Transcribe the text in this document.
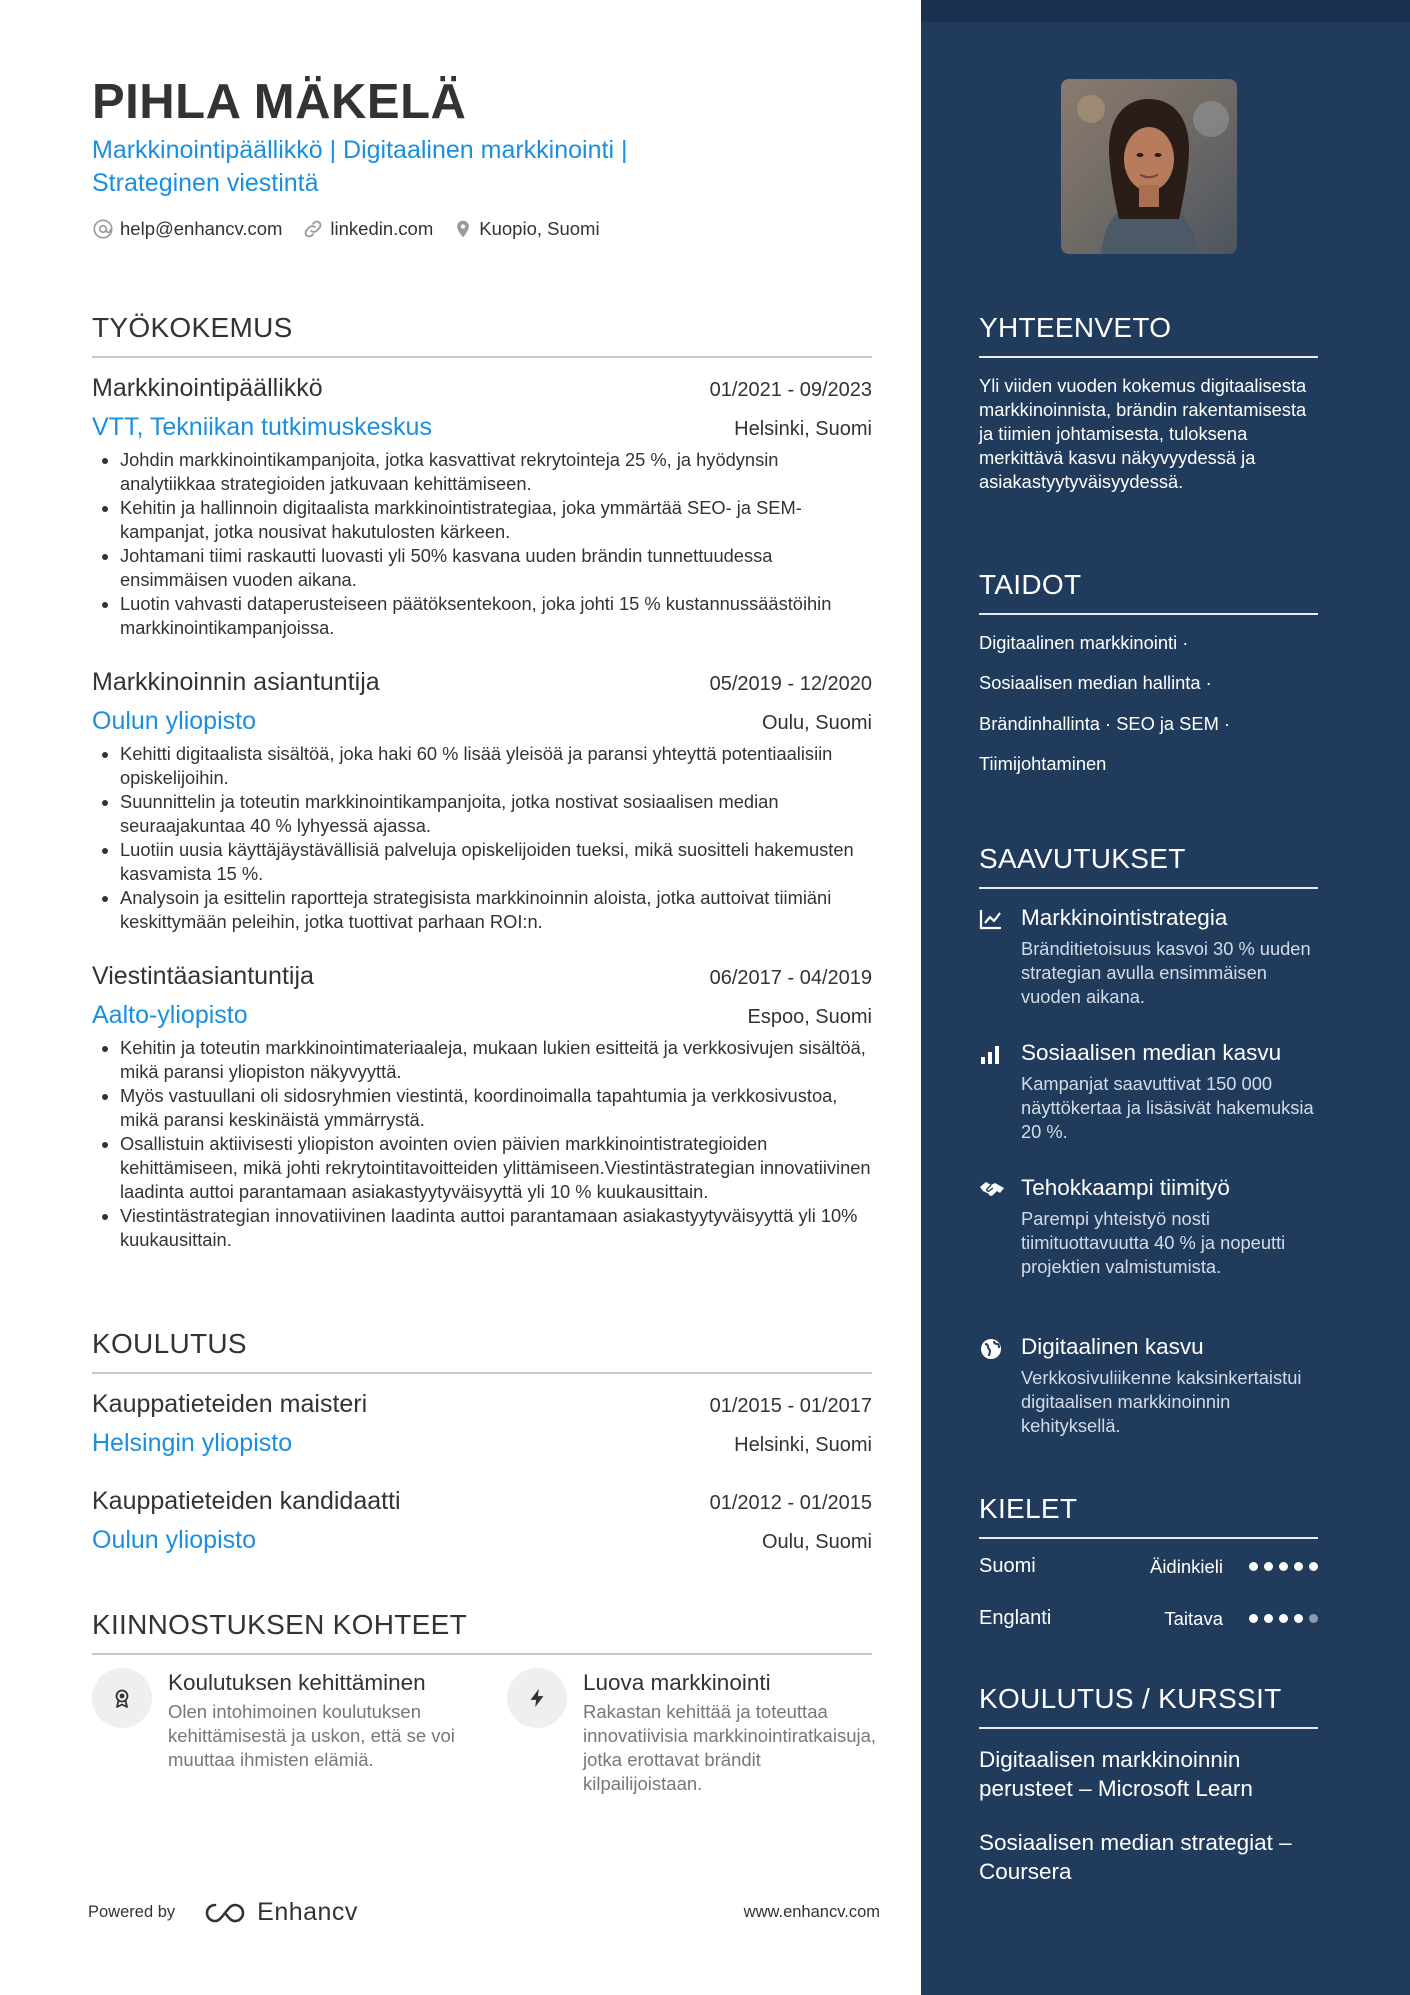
PIHLA MÄKELÄ
Markkinointipäällikkö | Digitaalinen markkinointi | Strateginen viestintä
help@enhancv.com	linkedin.com Kuopio, Suomi
TYÖKOKEMUS
Markkinointipäällikkö	01/2021 - 09/2023
VTT, Tekniikan tutkimuskeskus	Helsinki, Suomi
• Johdin markkinointikampanjoita, jotka kasvattivat rekrytointeja 25 %, ja hyödynsin analytiikkaa strategioiden jatkuvaan kehittämiseen.
• Kehitin ja hallinnoin digitaalista markkinointistrategiaa, joka ymmärtää SEO- ja SEM-kampanjat, jotka nousivat hakutulosten kärkeen.
• Johtamani tiimi raskautti luovasti yli 50% kasvana uuden brändin tunnettuudessa ensimmäisen vuoden aikana.
• Luotin vahvasti dataperusteiseen päätöksentekoon, joka johti 15 % kustannussäästöihin markkinointikampanjoissa.
Markkinoinnin asiantuntija	05/2019 - 12/2020
Oulun yliopisto	Oulu, Suomi
• Kehitti digitaalista sisältöä, joka haki 60 % lisää yleisöä ja paransi yhteyttä potentiaalisiin opiskelijoihin.
• Suunnittelin ja toteutin markkinointikampanjoita, jotka nostivat sosiaalisen median seuraajakuntaa 40 % lyhyessä ajassa.
• Luotiin uusia käyttäjäystävällisiä palveluja opiskelijoiden tueksi, mikä suositteli hakemusten kasvamista 15 %.
• Analysoin ja esittelin raportteja strategisista markkinoinnin aloista, jotka auttoivat tiimiäni keskittymään peleihin, jotka tuottivat parhaan ROI:n.
Viestintäasiantuntija	06/2017 - 04/2019
Aalto-yliopisto	Espoo, Suomi
• Kehitin ja toteutin markkinointimateriaaleja, mukaan lukien esitteitä ja verkkosivujen sisältöä, mikä paransi yliopiston näkyvyyttä.
• Myös vastuullani oli sidosryhmien viestintä, koordinoimalla tapahtumia ja verkkosivustoa, mikä paransi keskinäistä ymmärrystä.
• Osallistuin aktiivisesti yliopiston avointen ovien päivien markkinointistrategioiden kehittämiseen, mikä johti rekrytointitavoitteiden ylittämiseen.Viestintästrategian innovatiivinen laadinta auttoi parantamaan asiakastyytyväisyyttä yli 10 % kuukausittain.
• Viestintästrategian innovatiivinen laadinta auttoi parantamaan asiakastyytyväisyyttä yli 10% kuukausittain.
KOULUTUS
Kauppatieteiden maisteri	01/2015 - 01/2017
Helsingin yliopisto	Helsinki, Suomi
Kauppatieteiden kandidaatti	01/2012 - 01/2015
Oulun yliopisto	Oulu, Suomi
KIINNOSTUKSEN KOHTEET
Koulutuksen kehittäminen
Olen intohimoinen koulutuksen kehittämisestä ja uskon, että se voi muuttaa ihmisten elämiä.
Luova markkinointi
Rakastan kehittää ja toteuttaa innovatiivisia markkinointiratkaisuja, jotka erottavat brändit kilpailijoistaan.
Powered by	Enhancv	www.enhancv.com
YHTEENVETO
Yli viiden vuoden kokemus digitaalisesta markkinoinnista, brändin rakentamisesta ja tiimien johtamisesta, tuloksena merkittävä kasvu näkyvyydessä ja asiakastyytyväisyydessä.
TAIDOT
Digitaalinen markkinointi ·
Sosiaalisen median hallinta ·
Brändinhallinta · SEO ja SEM ·
Tiimijohtaminen
SAAVUTUKSET
Markkinointistrategia
Bränditietoisuus kasvoi 30 % uuden strategian avulla ensimmäisen vuoden aikana.
Sosiaalisen median kasvu
Kampanjat saavuttivat 150 000 näyttökertaa ja lisäsivät hakemuksia 20 %.
Tehokkaampi tiimityö
Parempi yhteistyö nosti tiimituottavuutta 40 % ja nopeutti projektien valmistumista.
Digitaalinen kasvu
Verkkosivuliikenne kaksinkertaistui digitaalisen markkinoinnin kehityksellä.
KIELET
Suomi	Äidinkieli
Englanti	Taitava
KOULUTUS / KURSSIT
Digitaalisen markkinoinnin perusteet – Microsoft Learn
Sosiaalisen median strategiat – Coursera
